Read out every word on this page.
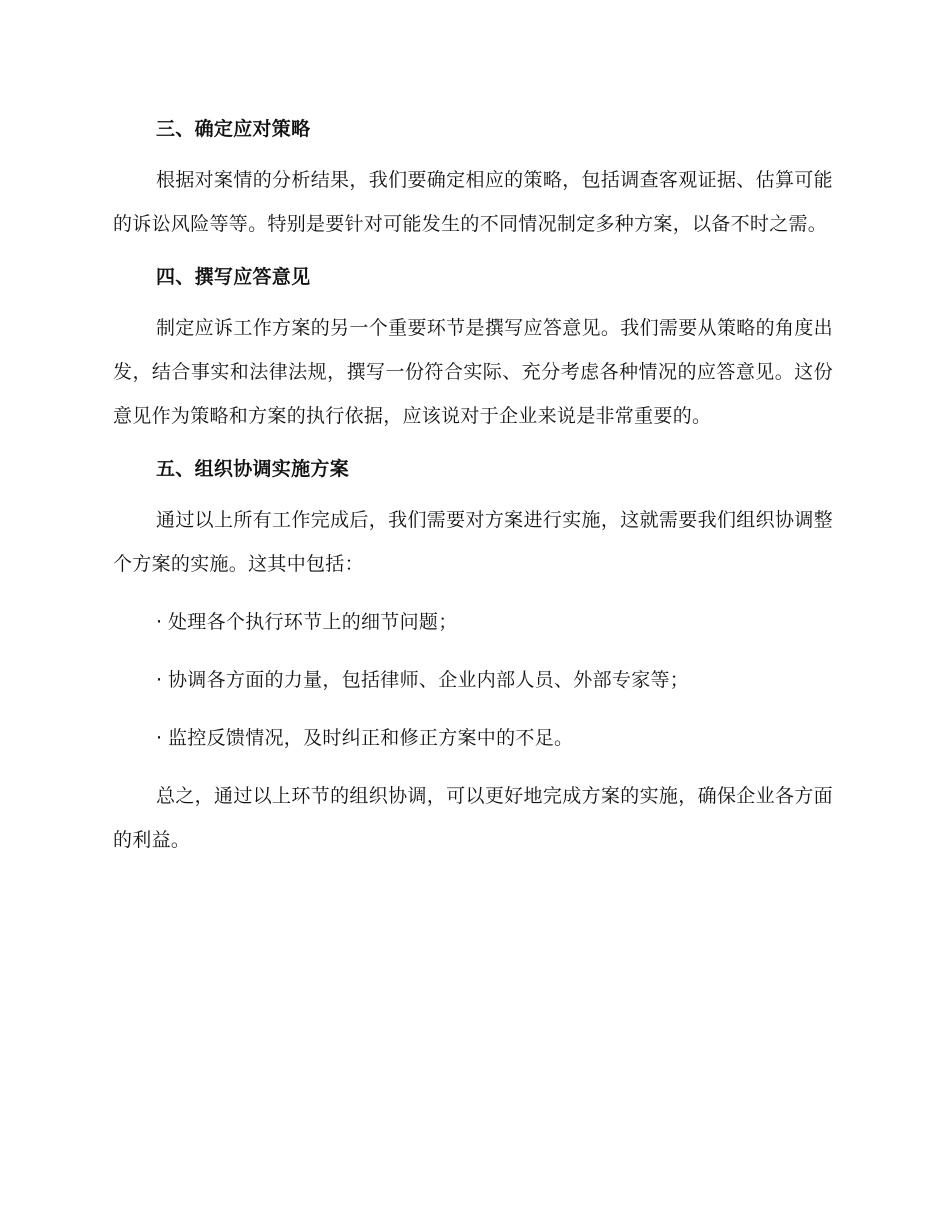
三、确定应对策略

根据对案情的分析结果，我们要确定相应的策略，包括调查客观证据、估算可能的诉讼风险等等。特别是要针对可能发生的不同情况制定多种方案，以备不时之需。

四、撰写应答意见

制定应诉工作方案的另一个重要环节是撰写应答意见。我们需要从策略的角度出发，结合事实和法律法规，撰写一份符合实际、充分考虑各种情况的应答意见。这份意见作为策略和方案的执行依据，应该说对于企业来说是非常重要的。

五、组织协调实施方案

通过以上所有工作完成后，我们需要对方案进行实施，这就需要我们组织协调整个方案的实施。这其中包括：

· 处理各个执行环节上的细节问题；

· 协调各方面的力量，包括律师、企业内部人员、外部专家等；

· 监控反馈情况，及时纠正和修正方案中的不足。

总之，通过以上环节的组织协调，可以更好地完成方案的实施，确保企业各方面的利益。
